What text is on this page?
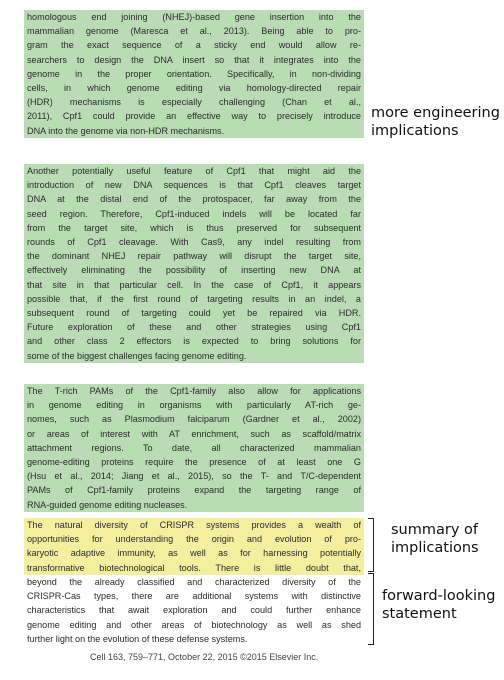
homologous end joining (NHEJ)-based gene insertion into the
mammalian genome (Maresca et al., 2013). Being able to pro-
gram the exact sequence of a sticky end would allow re-
searchers to design the DNA insert so that it integrates into the
genome in the proper orientation. Specifically, in non-dividing
cells, in which genome editing via homology-directed repair
(HDR) mechanisms is especially challenging (Chan et al.,
2011), Cpf1 could provide an effective way to precisely introduce
DNA into the genome via non-HDR mechanisms.
Another potentially useful feature of Cpf1 that might aid the
introduction of new DNA sequences is that Cpf1 cleaves target
DNA at the distal end of the protospacer, far away from the
seed region. Therefore, Cpf1-induced indels will be located far
from the target site, which is thus preserved for subsequent
rounds of Cpf1 cleavage. With Cas9, any indel resulting from
the dominant NHEJ repair pathway will disrupt the target site,
effectively eliminating the possibility of inserting new DNA at
that site in that particular cell. In the case of Cpf1, it appears
possible that, if the first round of targeting results in an indel, a
subsequent round of targeting could yet be repaired via HDR.
Future exploration of these and other strategies using Cpf1
and other class 2 effectors is expected to bring solutions for
some of the biggest challenges facing genome editing.
The T-rich PAMs of the Cpf1-family also allow for applications
in genome editing in organisms with particularly AT-rich ge-
nomes, such as Plasmodium falciparum (Gardner et al., 2002)
or areas of interest with AT enrichment, such as scaffold/matrix
attachment regions. To date, all characterized mammalian
genome-editing proteins require the presence of at least one G
(Hsu et al., 2014; Jiang et al., 2015), so the T- and T/C-dependent
PAMs of Cpf1-family proteins expand the targeting range of
RNA-guided genome editing nucleases.
The natural diversity of CRISPR systems provides a wealth of
opportunities for understanding the origin and evolution of pro-
karyotic adaptive immunity, as well as for harnessing potentially
transformative biotechnological tools. There is little doubt that,
beyond the already classified and characterized diversity of the
CRISPR-Cas types, there are additional systems with distinctive
characteristics that await exploration and could further enhance
genome editing and other areas of biotechnology as well as shed
further light on the evolution of these defense systems.
more engineering
implications
summary of
implications
forward-looking
statement
Cell 163, 759–771, October 22, 2015 ©2015 Elsevier Inc.
